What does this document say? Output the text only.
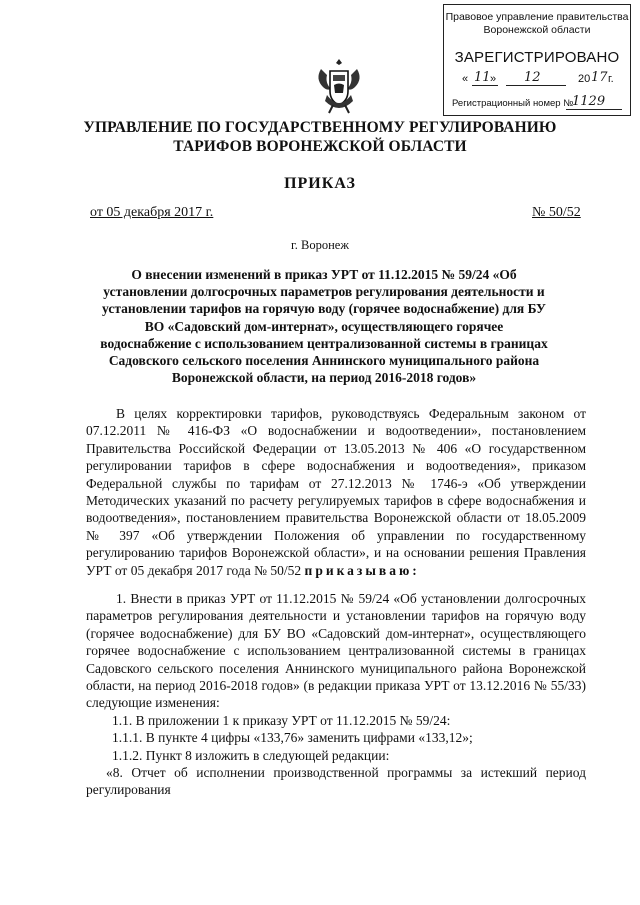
Правовое управление правительства
Воронежской области
ЗАРЕГИСТРИРОВАНО
« 11 » 12	20 17 г.
Регистрационный номер №
1129
УПРАВЛЕНИЕ ПО ГОСУДАРСТВЕННОМУ РЕГУЛИРОВАНИЮ
ТАРИФОВ ВОРОНЕЖСКОЙ ОБЛАСТИ
ПРИКАЗ
от 05 декабря 2017 г.	№ 50/52
г. Воронеж
О внесении изменений в приказ УРТ от 11.12.2015 № 59/24 «Об установлении долгосрочных параметров регулирования деятельности и установлении тарифов на горячую воду (горячее водоснабжение) для БУ ВО «Садовский дом-интернат», осуществляющего горячее водоснабжение с использованием централизованной системы в границах Садовского сельского поселения Аннинского муниципального района Воронежской области, на период 2016-2018 годов»

В целях корректировки тарифов, руководствуясь Федеральным законом от 07.12.2011 № 416-ФЗ «О водоснабжении и водоотведении», постановлением Правительства Российской Федерации от 13.05.2013 № 406 «О государственном регулировании тарифов в сфере водоснабжения и водоотведения», приказом Федеральной службы по тарифам от 27.12.2013 № 1746-э «Об утверждении Методических указаний по расчету регулируемых тарифов в сфере водоснабжения и водоотведения», постановлением правительства Воронежской области от 18.05.2009 № 397 «Об утверждении Положения об управлении по государственному регулированию тарифов Воронежской области», и на основании решения Правления УРТ от 05 декабря 2017 года № 50/52 приказываю:

1. Внести в приказ УРТ от 11.12.2015 № 59/24 «Об установлении долгосрочных параметров регулирования деятельности и установлении тарифов на горячую воду (горячее водоснабжение) для БУ ВО «Садовский дом-интернат», осуществляющего горячее водоснабжение с использованием централизованной системы в границах Садовского сельского поселения Аннинского муниципального района Воронежской области, на период 2016-2018 годов» (в редакции приказа УРТ от 13.12.2016 № 55/33) следующие изменения:

1.1. В приложении 1 к приказу УРТ от 11.12.2015 № 59/24:

1.1.1. В пункте 4 цифры «133,76» заменить цифрами «133,12»;

1.1.2. Пункт 8 изложить в следующей редакции:

«8. Отчет об исполнении производственной программы за истекший период регулирования
